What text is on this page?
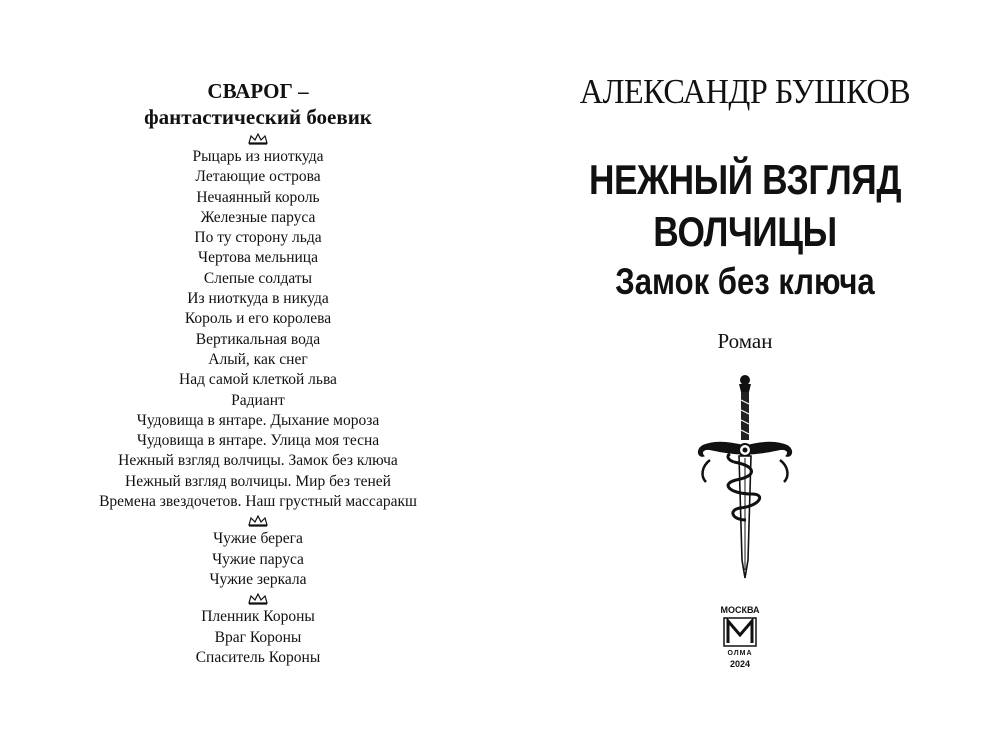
СВАРОГ –

фантастический боевик

Рыцарь из ниоткуда
Летающие острова
Нечаянный король
Железные паруса
По ту сторону льда
Чертова мельница
Слепые солдаты
Из ниоткуда в никуда
Король и его королева
Вертикальная вода
Алый, как снег
Над самой клеткой льва
Радиант
Чудовища в янтаре. Дыхание мороза
Чудовища в янтаре. Улица моя тесна
Нежный взгляд волчицы. Замок без ключа
Нежный взгляд волчицы. Мир без теней
Времена звездочетов. Наш грустный массаракш
Чужие берега
Чужие паруса
Чужие зеркала
Пленник Короны
Враг Короны
Спаситель Короны

АЛЕКСАНДР БУШКОВ

НЕЖНЫЙ ВЗГЛЯД
ВОЛЧИЦЫ
Замок без ключа
Роман
МОСКВА
ОЛМА
2024
